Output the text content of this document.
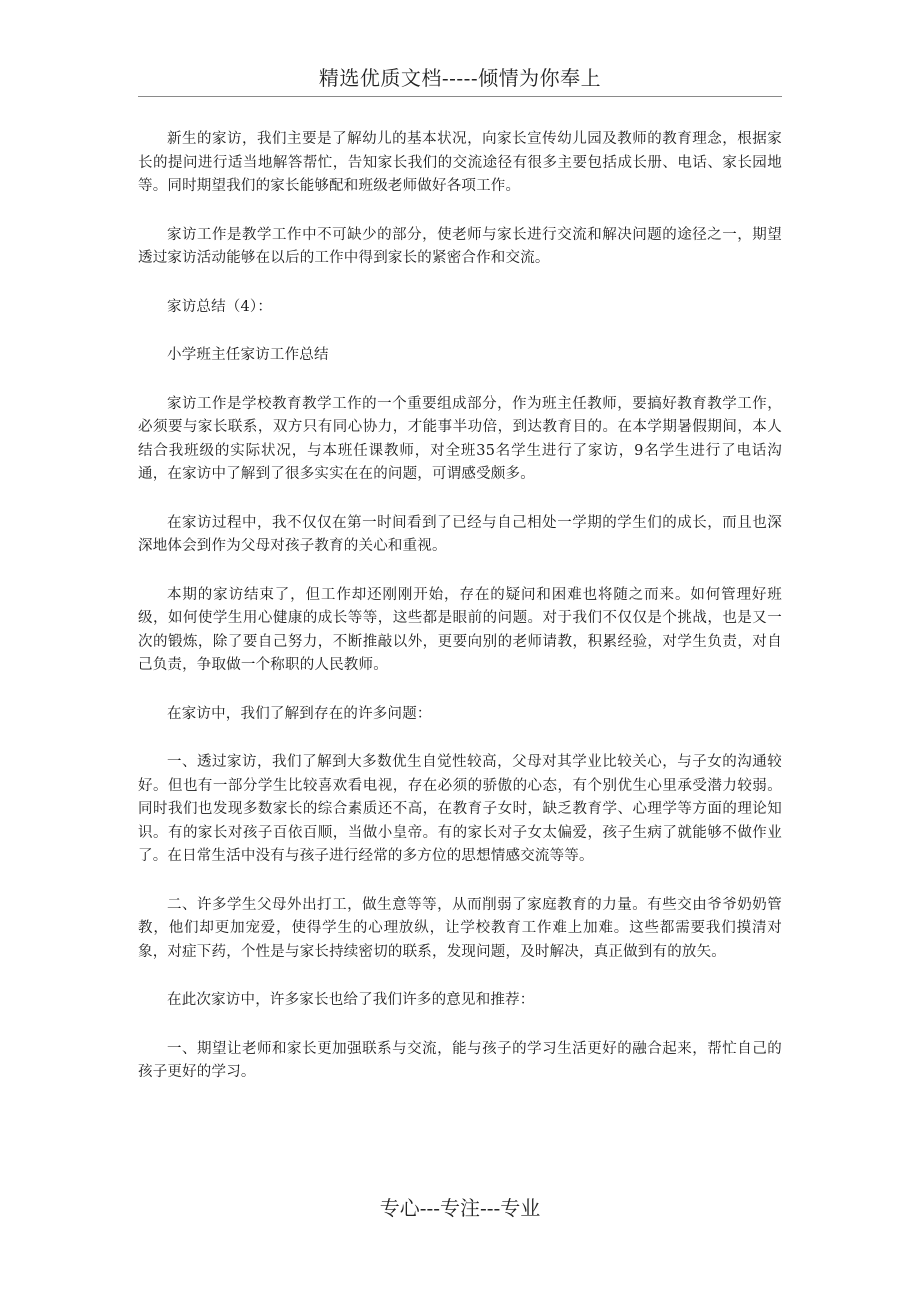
精选优质文档-----倾情为你奉上

新生的家访，我们主要是了解幼儿的基本状况，向家长宣传幼儿园及教师的教育理念，根据家长的提问进行适当地解答帮忙，告知家长我们的交流途径有很多主要包括成长册、电话、家长园地等。同时期望我们的家长能够配和班级老师做好各项工作。

家访工作是教学工作中不可缺少的部分，使老师与家长进行交流和解决问题的途径之一，期望透过家访活动能够在以后的工作中得到家长的紧密合作和交流。

家访总结（4）：

小学班主任家访工作总结

家访工作是学校教育教学工作的一个重要组成部分，作为班主任教师，要搞好教育教学工作，必须要与家长联系，双方只有同心协力，才能事半功倍，到达教育目的。在本学期暑假期间，本人结合我班级的实际状况，与本班任课教师，对全班35名学生进行了家访，9名学生进行了电话沟通，在家访中了解到了很多实实在在的问题，可谓感受颇多。

在家访过程中，我不仅仅在第一时间看到了已经与自己相处一学期的学生们的成长，而且也深深地体会到作为父母对孩子教育的关心和重视。

本期的家访结束了，但工作却还刚刚开始，存在的疑问和困难也将随之而来。如何管理好班级，如何使学生用心健康的成长等等，这些都是眼前的问题。对于我们不仅仅是个挑战，也是又一次的锻炼，除了要自己努力，不断推敲以外，更要向别的老师请教，积累经验，对学生负责，对自己负责，争取做一个称职的人民教师。

在家访中，我们了解到存在的许多问题：

一、透过家访，我们了解到大多数优生自觉性较高，父母对其学业比较关心，与子女的沟通较好。但也有一部分学生比较喜欢看电视，存在必须的骄傲的心态，有个别优生心里承受潜力较弱。同时我们也发现多数家长的综合素质还不高，在教育子女时，缺乏教育学、心理学等方面的理论知识。有的家长对孩子百依百顺，当做小皇帝。有的家长对子女太偏爱，孩子生病了就能够不做作业了。在日常生活中没有与孩子进行经常的多方位的思想情感交流等等。

二、许多学生父母外出打工，做生意等等，从而削弱了家庭教育的力量。有些交由爷爷奶奶管教，他们却更加宠爱，使得学生的心理放纵，让学校教育工作难上加难。这些都需要我们摸清对象，对症下药，个性是与家长持续密切的联系，发现问题，及时解决，真正做到有的放矢。

在此次家访中，许多家长也给了我们许多的意见和推荐：

一、期望让老师和家长更加强联系与交流，能与孩子的学习生活更好的融合起来，帮忙自己的孩子更好的学习。

专心---专注---专业
